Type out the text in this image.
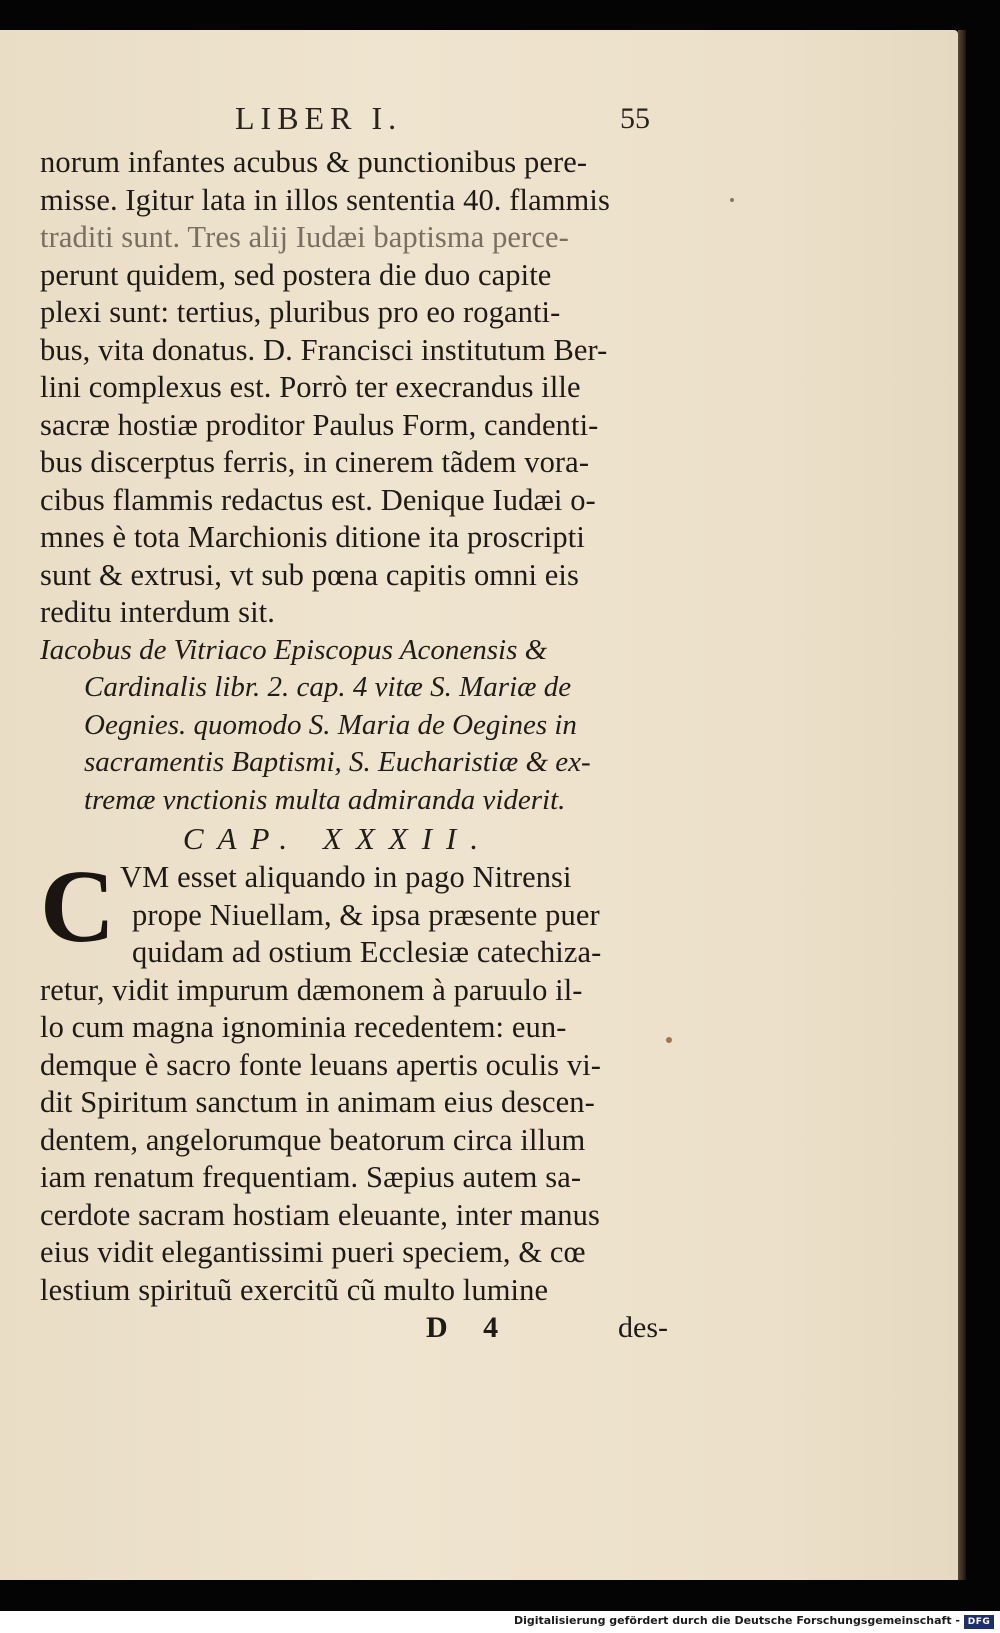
LIBER I.	55
norum infantes acubus & punctionibus pere-
misse. Igitur lata in illos sententia 40. flammis
traditi sunt. Tres alij Iudæi baptisma perce-
perunt quidem, sed postera die duo capite
plexi sunt: tertius, pluribus pro eo roganti-
bus, vita donatus. D. Francisci institutum Ber-
lini complexus est. Porrò ter execrandus ille
sacræ hostiæ proditor Paulus Form, candenti-
bus discerptus ferris, in cinerem tãdem vora-
cibus flammis redactus est. Denique Iudæi o-
mnes è tota Marchionis ditione ita proscripti
sunt & extrusi, vt sub pœna capitis omni eis
reditu interdum sit.
Iacobus de Vitriaco Episcopus Aconensis &
Cardinalis libr. 2. cap. 4 vitæ S. Mariæ de
Oegnies. quomodo S. Maria de Oegines in
sacramentis Baptismi, S. Eucharistiæ & ex-
tremæ vnctionis multa admiranda viderit.
CAP. XXXII.
C VM esset aliquando in pago Nitrensi
prope Niuellam, & ipsa præsente puer
quidam ad ostium Ecclesiæ catechiza-
retur, vidit impurum dæmonem à paruulo il-
lo cum magna ignominia recedentem: eun-
demque è sacro fonte leuans apertis oculis vi-
dit Spiritum sanctum in animam eius descen-
dentem, angelorumque beatorum circa illum
iam renatum frequentiam. Sæpius autem sa-
cerdote sacram hostiam eleuante, inter manus
eius vidit elegantissimi pueri speciem, & cœ
lestium spirituũ exercitũ cũ multo lumine
D 4	des-
Digitalisierung gefördert durch die Deutsche Forschungsgemeinschaft - DFG
